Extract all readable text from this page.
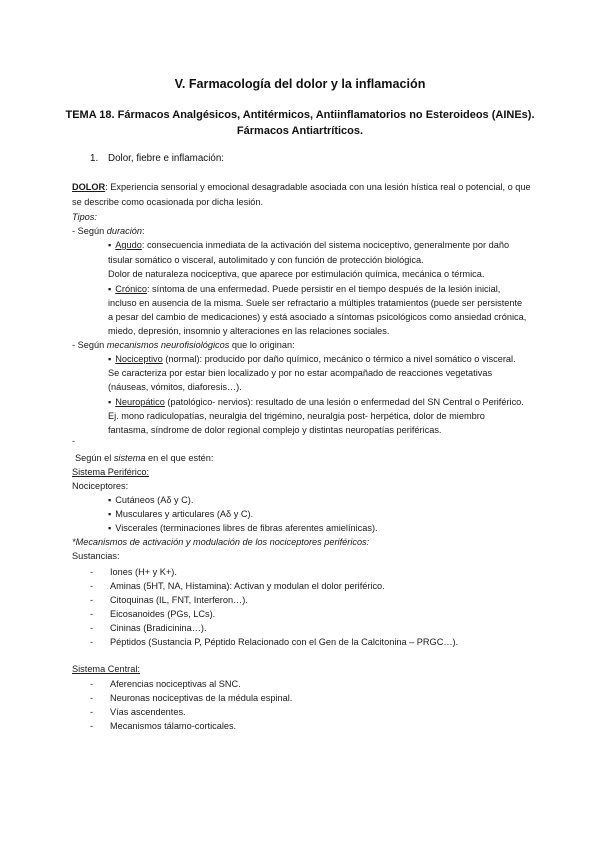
V. Farmacología del dolor y la inflamación
TEMA 18. Fármacos Analgésicos, Antitérmicos, Antiinflamatorios no Esteroideos (AINEs).
Fármacos Antiartríticos.
1. Dolor, fiebre e inflamación:
DOLOR: Experiencia sensorial y emocional desagradable asociada con una lesión hística real o potencial, o que
se describe como ocasionada por dicha lesión.
Tipos:
- Según duración:
▪ Agudo: consecuencia inmediata de la activación del sistema nociceptivo, generalmente por daño
tisular somático o visceral, autolimitado y con función de protección biológica.
Dolor de naturaleza nociceptiva, que aparece por estimulación química, mecánica o térmica.
▪ Crónico: síntoma de una enfermedad. Puede persistir en el tiempo después de la lesión inicial,
incluso en ausencia de la misma. Suele ser refractario a múltiples tratamientos (puede ser persistente
a pesar del cambio de medicaciones) y está asociado a síntomas psicológicos como ansiedad crónica,
miedo, depresión, insomnio y alteraciones en las relaciones sociales.
- Según mecanismos neurofisiológicos que lo originan:
▪ Nociceptivo (normal): producido por daño químico, mecánico o térmico a nivel somático o visceral.
Se caracteriza por estar bien localizado y por no estar acompañado de reacciones vegetativas
(náuseas, vómitos, diaforesis…).
▪ Neuropático (patológico- nervios): resultado de una lesión o enfermedad del SN Central o Periférico.
Ej. mono radiculopatías, neuralgia del trigémino, neuralgia post- herpética, dolor de miembro
fantasma, síndrome de dolor regional complejo y distintas neuropatías periféricas.
-
Según el sistema en el que estén:
Sistema Periférico:
Nociceptores:
▪ Cutáneos (Aδ y C).
▪ Musculares y articulares (Aδ y C).
▪ Viscerales (terminaciones libres de fibras aferentes amielínicas).
*Mecanismos de activación y modulación de los nociceptores periféricos:
Sustancias:
- Iones (H+ y K+).
- Aminas (5HT, NA, Histamina): Activan y modulan el dolor periférico.
- Citoquinas (IL, FNT, Interferon…).
- Eicosanoides (PGs, LCs).
- Cininas (Bradicinina…).
- Péptidos (Sustancia P, Péptido Relacionado con el Gen de la Calcitonina – PRGC…).
Sistema Central:
- Aferencias nociceptivas al SNC.
- Neuronas nociceptivas de la médula espinal.
- Vías ascendentes.
- Mecanismos tálamo-corticales.
